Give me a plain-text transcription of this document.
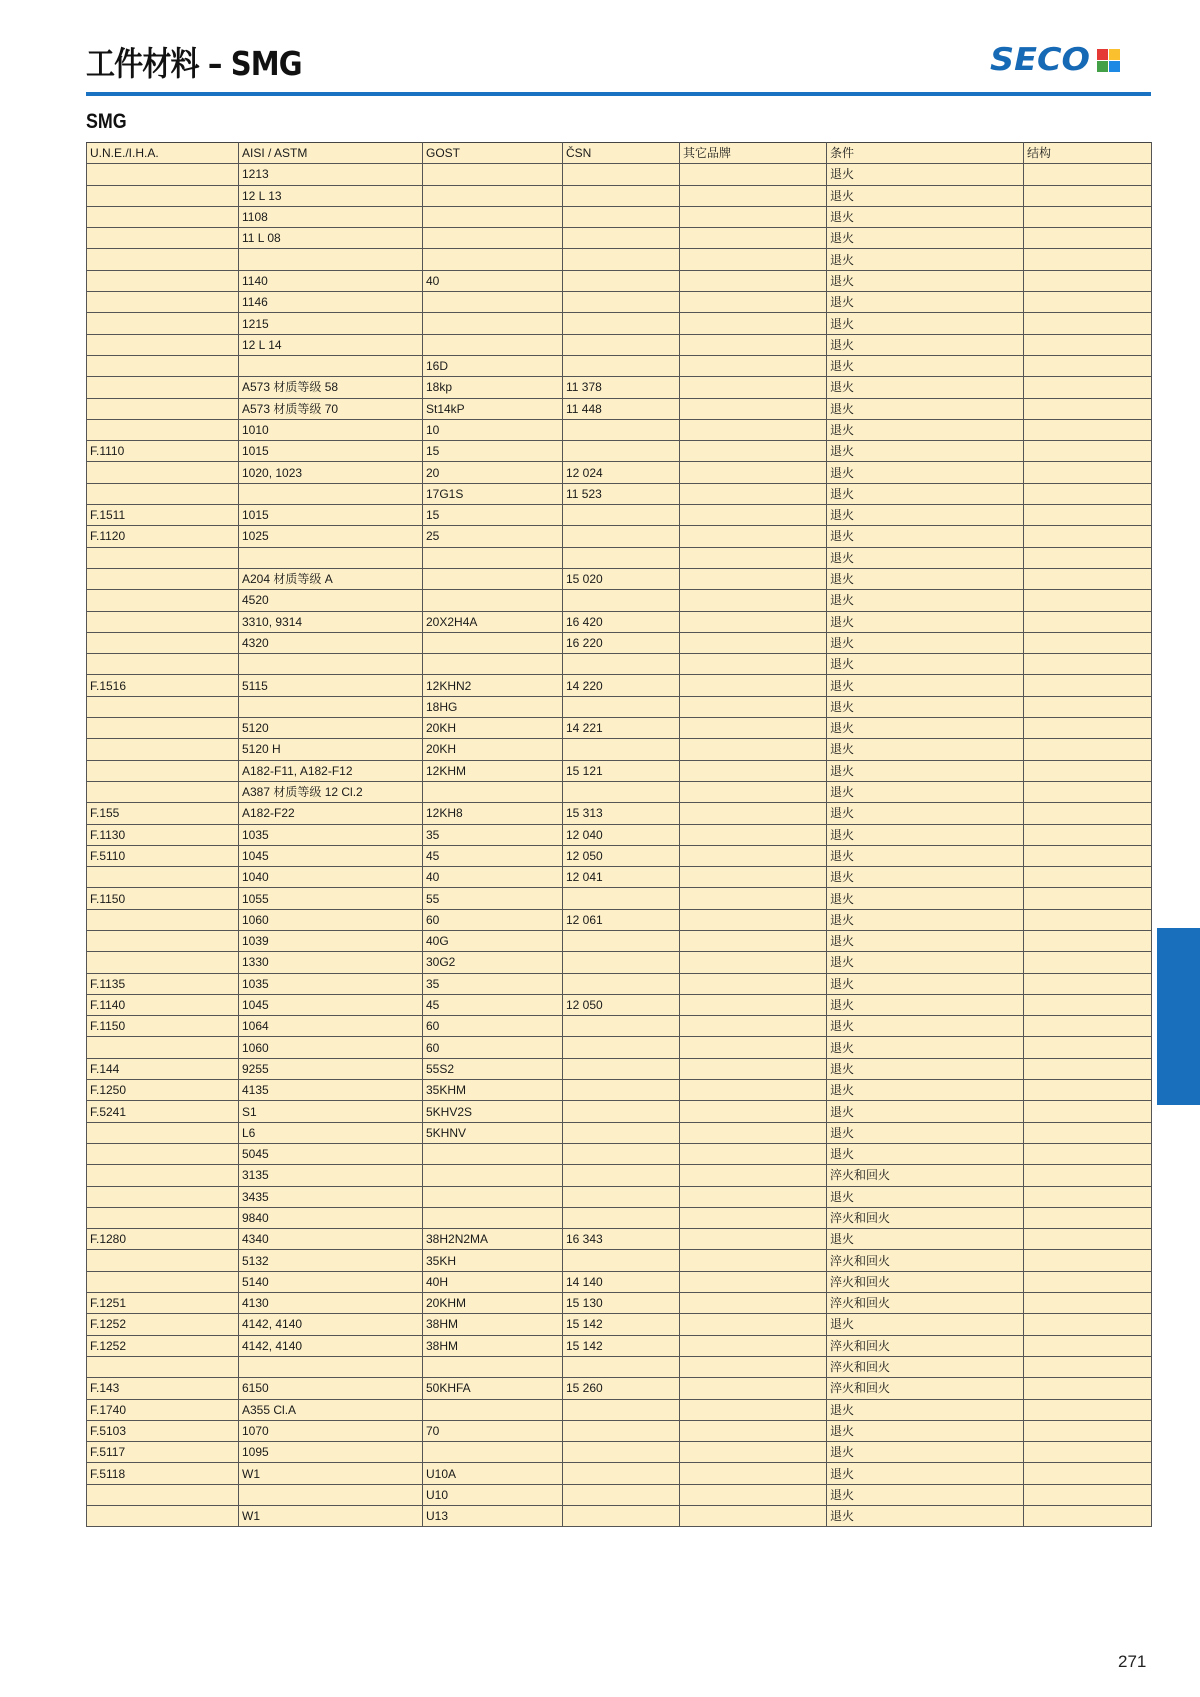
工件材料 – SMG	SECO
SMG
U.N.E./I.H.A.	AISI / ASTM	GOST	ČSN	其它品牌	条件	结构
	1213				退火	
	12 L 13				退火	
	1108				退火	
	11 L 08				退火	
					退火	
	1140	40			退火	
	1146				退火	
	1215				退火	
	12 L 14				退火	
		16D			退火	
	A573 材质等级 58	18kp	11 378		退火	
	A573 材质等级 70	St14kP	11 448		退火	
	1010	10			退火	
F.1110	1015	15			退火	
	1020, 1023	20	12 024		退火	
		17G1S	11 523		退火	
F.1511	1015	15			退火	
F.1120	1025	25			退火	
					退火	
	A204 材质等级 A		15 020		退火	
	4520				退火	
	3310, 9314	20X2H4A	16 420		退火	
	4320		16 220		退火	
					退火	
F.1516	5115	12KHN2	14 220		退火	
		18HG			退火	
	5120	20KH	14 221		退火	
	5120 H	20KH			退火	
	A182-F11, A182-F12	12KHM	15 121		退火	
	A387 材质等级 12 Cl.2				退火	
F.155	A182-F22	12KH8	15 313		退火	
F.1130	1035	35	12 040		退火	
F.5110	1045	45	12 050		退火	
	1040	40	12 041		退火	
F.1150	1055	55			退火	
	1060	60	12 061		退火	
	1039	40G			退火	
	1330	30G2			退火	
F.1135	1035	35			退火	
F.1140	1045	45	12 050		退火	
F.1150	1064	60			退火	
	1060	60			退火	
F.144	9255	55S2			退火	
F.1250	4135	35KHM			退火	
F.5241	S1	5KHV2S			退火	
	L6	5KHNV			退火	
	5045				退火	
	3135				淬火和回火	
	3435				退火	
	9840				淬火和回火	
F.1280	4340	38H2N2MA	16 343		退火	
	5132	35KH			淬火和回火	
	5140	40H	14 140		淬火和回火	
F.1251	4130	20KHM	15 130		淬火和回火	
F.1252	4142, 4140	38HM	15 142		退火	
F.1252	4142, 4140	38HM	15 142		淬火和回火	
					淬火和回火	
F.143	6150	50KHFA	15 260		淬火和回火	
F.1740	A355 Cl.A				退火	
F.5103	1070	70			退火	
F.5117	1095				退火	
F.5118	W1	U10A			退火	
		U10			退火	
	W1	U13			退火	
271
